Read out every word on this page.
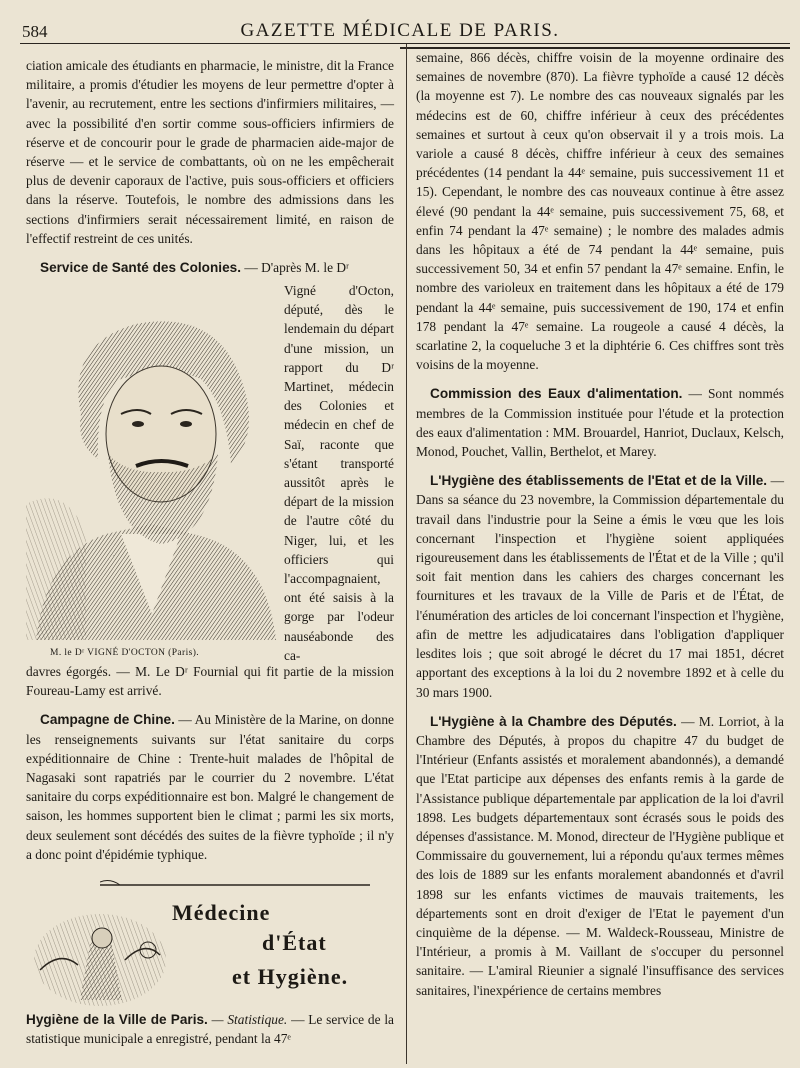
584	GAZETTE MÉDICALE DE PARIS.

ciation amicale des étudiants en pharmacie, le ministre, dit la France militaire, a promis d'étudier les moyens de leur permettre d'opter à l'avenir, au recrutement, entre les sections d'infirmiers militaires, — avec la possibilité d'en sortir comme sous-officiers infirmiers de réserve et de concourir pour le grade de pharmacien aide-major de réserve — et le service de combattants, où on ne les empêcherait plus de devenir caporaux de l'active, puis sous-officiers et officiers dans la réserve. Toutefois, le nombre des admissions dans les sections d'infirmiers serait nécessairement limité, en raison de l'effectif restreint de ces unités.

Service de Santé des Colonies. — D'après M. le Dʳ

M. le Dʳ VIGNÉ D'OCTON (Paris).
Vigné d'Octon, député, dès le lendemain du départ d'une mission, un rapport du Dʳ Martinet, médecin des Colonies et médecin en chef de Saï, raconte que s'étant transporté aussitôt après le départ de la mission de l'autre côté du Niger, lui, et les officiers qui l'accompagnaient, ont été saisis à la gorge par l'odeur nauséabonde des ca-

davres égorgés. — M. Le Dʳ Fournial qui fit partie de la mission Foureau-Lamy est arrivé.

Campagne de Chine. — Au Ministère de la Marine, on donne les renseignements suivants sur l'état sanitaire du corps expéditionnaire de Chine : Trente-huit malades de l'hôpital de Nagasaki sont rapatriés par le courrier du 2 novembre. L'état sanitaire du corps expéditionnaire est bon. Malgré le changement de saison, les hommes supportent bien le climat ; parmi les six morts, deux seulement sont décédés des suites de la fièvre typhoïde ; il n'y a donc point d'épidémie typhique.

Médecine
d'État
et Hygiène.
Hygiène de la Ville de Paris. — Statistique. — Le service de la statistique municipale a enregistré, pendant la 47ᵉ

semaine, 866 décès, chiffre voisin de la moyenne ordinaire des semaines de novembre (870). La fièvre typhoïde a causé 12 décès (la moyenne est 7). Le nombre des cas nouveaux signalés par les médecins est de 60, chiffre inférieur à ceux des précédentes semaines et surtout à ceux qu'on observait il y a trois mois. La variole a causé 8 décès, chiffre inférieur à ceux des semaines précédentes (14 pendant la 44ᵉ semaine, puis successivement 11 et 15). Cependant, le nombre des cas nouveaux continue à être assez élevé (90 pendant la 44ᵉ semaine, puis successivement 75, 68, et enfin 74 pendant la 47ᵉ semaine) ; le nombre des malades admis dans les hôpitaux a été de 74 pendant la 44ᵉ semaine, puis successivement 50, 34 et enfin 57 pendant la 47ᵉ semaine. Enfin, le nombre des varioleux en traitement dans les hôpitaux a été de 179 pendant la 44ᵉ semaine, puis successivement de 190, 174 et enfin 178 pendant la 47ᵉ semaine. La rougeole a causé 4 décès, la scarlatine 2, la coqueluche 3 et la diphtérie 6. Ces chiffres sont très voisins de la moyenne.

Commission des Eaux d'alimentation. — Sont nommés membres de la Commission instituée pour l'étude et la protection des eaux d'alimentation : MM. Brouardel, Hanriot, Duclaux, Kelsch, Monod, Pouchet, Vallin, Berthelot, et Marey.

L'Hygiène des établissements de l'Etat et de la Ville. — Dans sa séance du 23 novembre, la Commission départementale du travail dans l'industrie pour la Seine a émis le vœu que les lois concernant l'inspection et l'hygiène soient appliquées rigoureusement dans les établissements de l'État et de la Ville ; qu'il soit fait mention dans les cahiers des charges concernant les fournitures et les travaux de la Ville de Paris et de l'État, de l'énumération des articles de loi concernant l'inspection et l'hygiène, afin de mettre les adjudicataires dans l'obligation d'appliquer lesdites lois ; que soit abrogé le décret du 17 mai 1851, décret apportant des exceptions à la loi du 2 novembre 1892 et à celle du 30 mars 1900.

L'Hygiène à la Chambre des Députés. — M. Lorriot, à la Chambre des Députés, à propos du chapitre 47 du budget de l'Intérieur (Enfants assistés et moralement abandonnés), a demandé que l'Etat participe aux dépenses des enfants remis à la garde de l'Assistance publique départementale par application de la loi d'avril 1898. Les budgets départementaux sont écrasés sous le poids des dépenses d'assistance. M. Monod, directeur de l'Hygiène publique et Commissaire du gouvernement, lui a répondu qu'aux termes mêmes des lois de 1889 sur les enfants moralement abandonnés et d'avril 1898 sur les enfants victimes de mauvais traitements, les départements sont en droit d'exiger de l'Etat le payement d'un cinquième de la dépense. — M. Waldeck-Rousseau, Ministre de l'Intérieur, a promis à M. Vaillant de s'occuper du personnel sanitaire. — L'amiral Rieunier a signalé l'insuffisance des services sanitaires, l'inexpérience de certains membres
